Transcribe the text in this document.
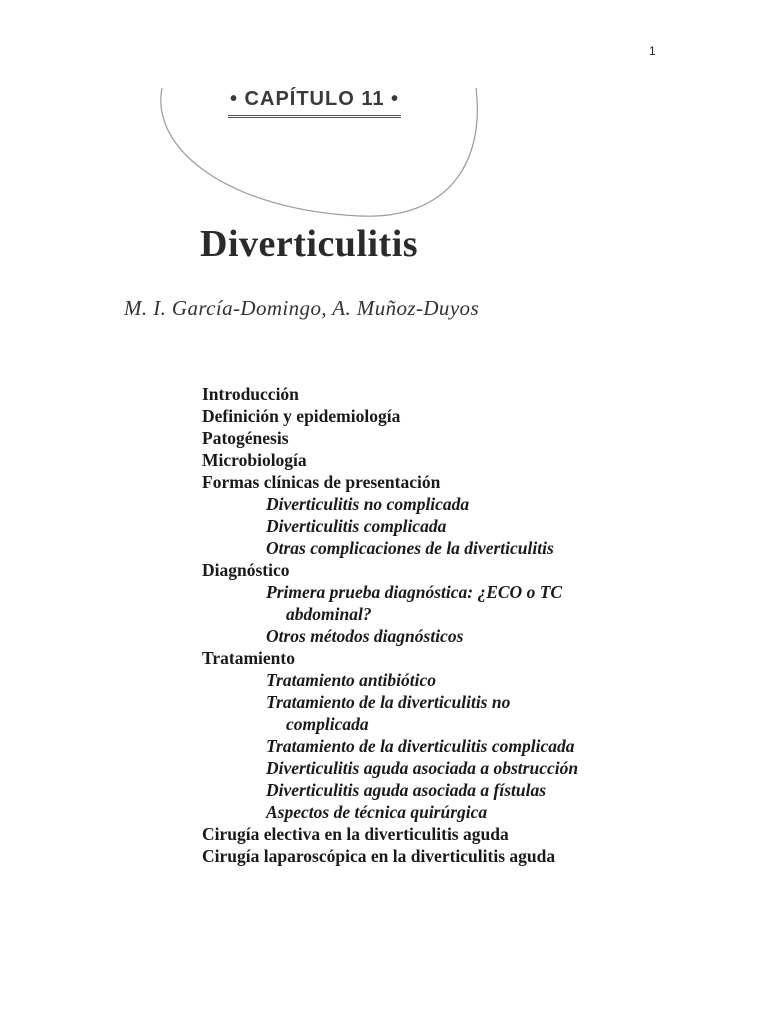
1
• CAPÍTULO 11 •
Diverticulitis
M. I. García-Domingo, A. Muñoz-Duyos
Introducción
Definición y epidemiología
Patogénesis
Microbiología
Formas clínicas de presentación
Diverticulitis no complicada
Diverticulitis complicada
Otras complicaciones de la diverticulitis
Diagnóstico
Primera prueba diagnóstica: ¿ECO o TC
abdominal?
Otros métodos diagnósticos
Tratamiento
Tratamiento antibiótico
Tratamiento de la diverticulitis no
complicada
Tratamiento de la diverticulitis complicada
Diverticulitis aguda asociada a obstrucción
Diverticulitis aguda asociada a fístulas
Aspectos de técnica quirúrgica
Cirugía electiva en la diverticulitis aguda
Cirugía laparoscópica en la diverticulitis aguda
